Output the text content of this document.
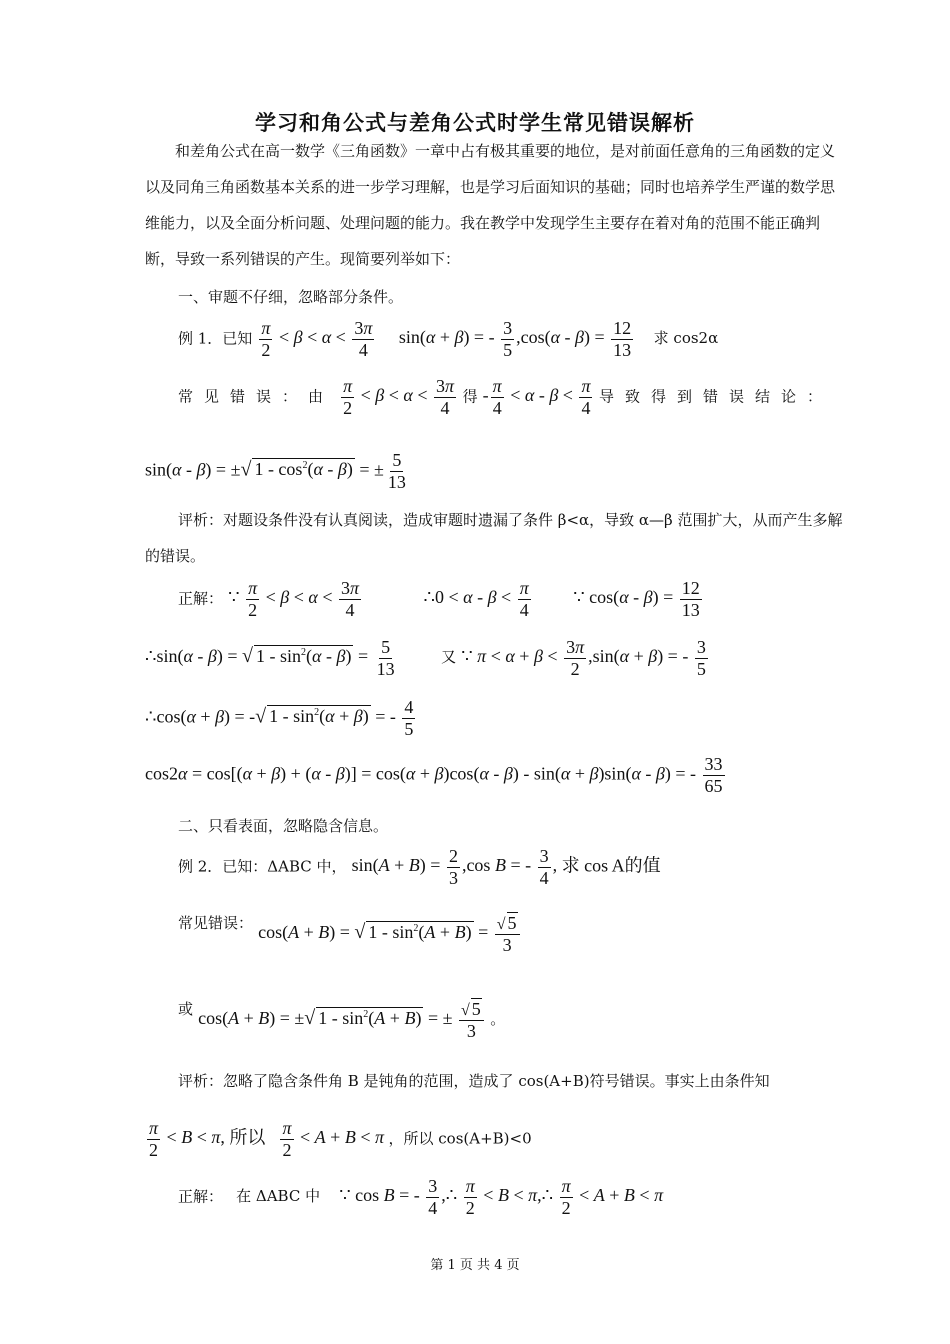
学习和角公式与差角公式时学生常见错误解析
和差角公式在高一数学《三角函数》一章中占有极其重要的地位，是对前面任意角的三角函数的定义以及同角三角函数基本关系的进一步学习理解，也是学习后面知识的基础；同时也培养学生严谨的数学思维能力，以及全面分析问题、处理问题的能力。我在教学中发现学生主要存在着对角的范围不能正确判断，导致一系列错误的产生。现简要列举如下：
一、审题不仔细，忽略部分条件。
例 1．已知 $\frac{\pi}{2} < \beta < \alpha < \frac{3\pi}{4} \sin(\alpha + \beta)$ = - $\frac{3}{5} ,\cos(\alpha - \beta) = \frac{12}{13}$ 求 cos2α
常见错误：由 $\frac{\pi}{2} < \beta < \alpha < \frac{3\pi}{4}$ 得 - $\frac{\pi}{4} < \alpha - \beta < \frac{\pi}{4}$ 导致得到错误结论：
sin(α - β) = ±√ $1 - \cos^2(\alpha - \beta)$ = ± $\frac{5}{13}$
评析：对题设条件没有认真阅读，造成审题时遗漏了条件 β<α，导致 α—β 范围扩大，从而产生多解的错误。
正解： ∵ $\frac{\pi}{2} < \beta < \alpha < \frac{3\pi}{4}$	∴0 < $\alpha - \beta < \frac{\pi}{4}$ ∵ $\cos(\alpha - \beta) = \frac{12}{13}$
∴sin(α - β) = √ $1 - \sin^2(\alpha - \beta) = \frac{5}{13}$	又 ∵ $\pi < \alpha + \beta < \frac{3\pi}{2} ,\sin(\alpha + \beta)$ = - $\frac{3}{5}$
∴cos(α + β) = -√ $1 - \sin^2(\alpha + \beta)$ = - $\frac{4}{5}$
cos2α = cos[(α + β) + (α - β)] = cos(α + β)cos(α - β) - sin(α + β)sin(α - β) = - $\frac{33}{65}$
二、只看表面，忽略隐含信息。
例 2．已知：ΔABC 中， $\sin(A + B) = \frac{2}{3} ,\cos$ B = - $\frac{3}{4}$ , 求 cos A的值
常见错误： cos(A + B) = √ $1 - \sin^2(A + B) = \frac{√ 5}{3}$
或 cos(A + B) = ±√ $1 - \sin^2(A + B)$ = ± $\frac{√ 5}{3}$ 。
评析：忽略了隐含条件角 B 是钝角的范围，造成了 cos(A+B)符号错误。事实上由条件知
$\frac{\pi}{2} < B < \pi$, 所以 $\frac{\pi}{2} < A + B < \pi$ ，所以 cos(A+B)<0
正解： 在 ΔABC 中 ∵ cos B = - $\frac{3}{4}$ ,∴ $\frac{\pi}{2} < B$ < π,∴ $\frac{\pi}{2} < A + B < \pi$
第 1 页 共 4 页
